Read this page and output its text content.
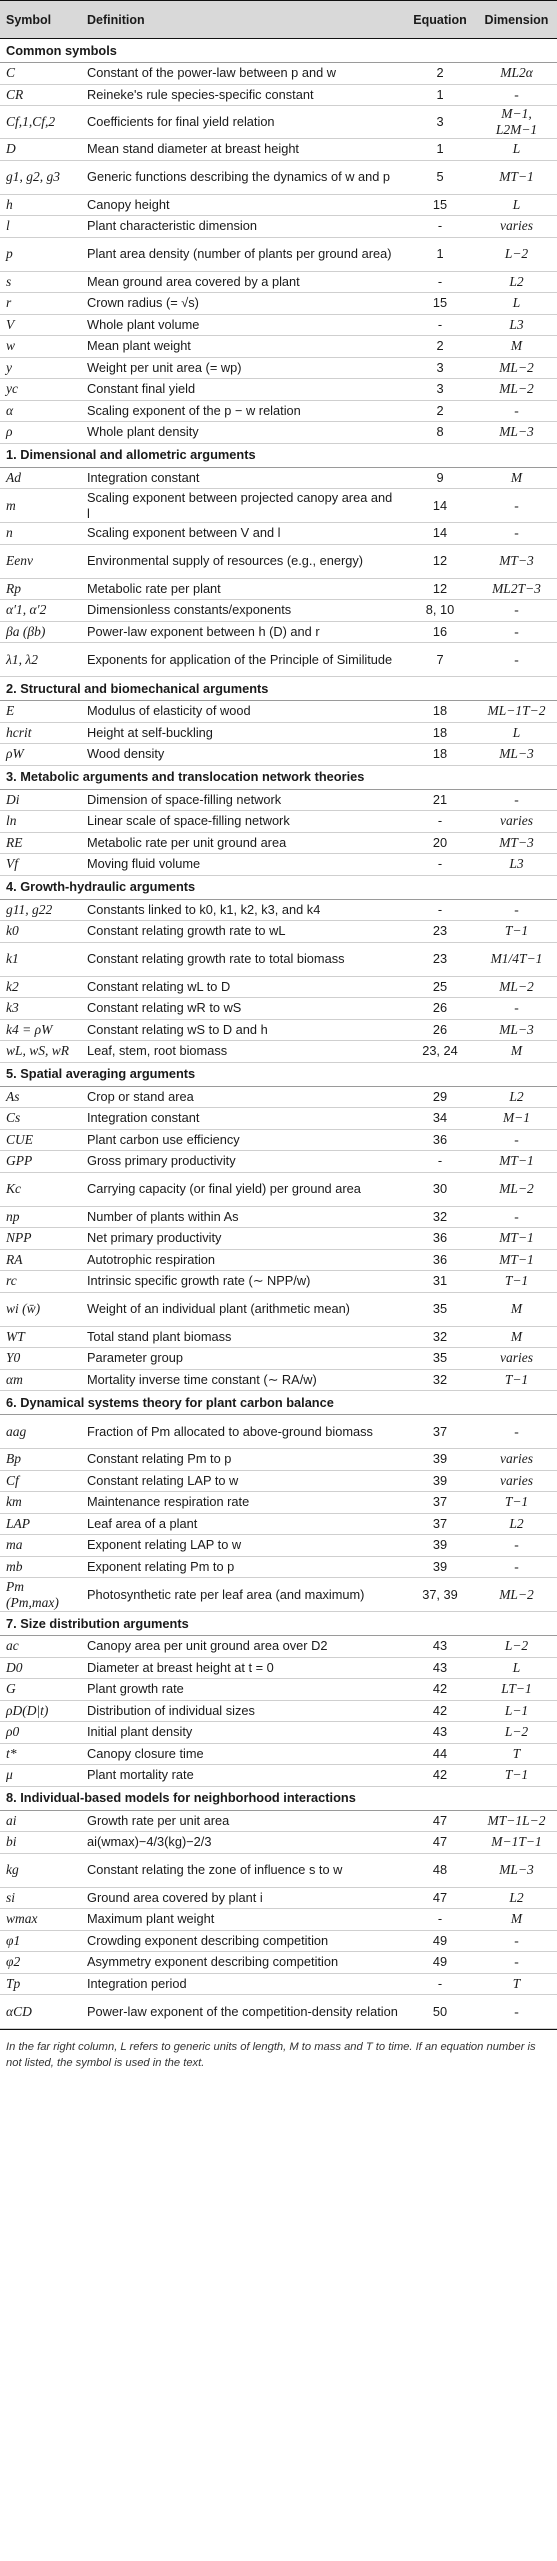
Symbol	Definition	Equation	Dimension
Common symbols			
C	Constant of the power-law between p and w	2	ML2α
CR	Reineke's rule species-specific constant	1	-
Cf,1,Cf,2	Coefficients for final yield relation	3	M−1, L2M−1
D	Mean stand diameter at breast height	1	L
g1, g2, g3	Generic functions describing the dynamics of w and p	5	MT−1
h	Canopy height	15	L
l	Plant characteristic dimension	-	varies
p	Plant area density (number of plants per ground area)	1	L−2
s	Mean ground area covered by a plant	-	L2
r	Crown radius (= √s)	15	L
V	Whole plant volume	-	L3
w	Mean plant weight	2	M
y	Weight per unit area (= wp)	3	ML−2
yc	Constant final yield	3	ML−2
α	Scaling exponent of the p − w relation	2	-
ρ	Whole plant density	8	ML−3
1. Dimensional and allometric arguments			
Ad	Integration constant	9	M
m	Scaling exponent between projected canopy area and l	14	-
n	Scaling exponent between V and l	14	-
Eenv	Environmental supply of resources (e.g., energy)	12	MT−3
Rp	Metabolic rate per plant	12	ML2T−3
α′1, α′2	Dimensionless constants/exponents	8, 10	-
βa (βb)	Power-law exponent between h (D) and r	16	-
λ1, λ2	Exponents for application of the Principle of Similitude	7	-
2. Structural and biomechanical arguments			
E	Modulus of elasticity of wood	18	ML−1T−2
hcrit	Height at self-buckling	18	L
ρW	Wood density	18	ML−3
3. Metabolic arguments and translocation network theories			
Di	Dimension of space-filling network	21	-
ln	Linear scale of space-filling network	-	varies
RE	Metabolic rate per unit ground area	20	MT−3
Vf	Moving fluid volume	-	L3
4. Growth-hydraulic arguments			
g11, g22	Constants linked to k0, k1, k2, k3, and k4	-	-
k0	Constant relating growth rate to wL	23	T−1
k1	Constant relating growth rate to total biomass	23	M1/4T−1
k2	Constant relating wL to D	25	ML−2
k3	Constant relating wR to wS	26	-
k4 = ρW	Constant relating wS to D and h	26	ML−3
wL, wS, wR	Leaf, stem, root biomass	23, 24	M
5. Spatial averaging arguments			
As	Crop or stand area	29	L2
Cs	Integration constant	34	M−1
CUE	Plant carbon use efficiency	36	-
GPP	Gross primary productivity	-	MT−1
Kc	Carrying capacity (or final yield) per ground area	30	ML−2
np	Number of plants within As	32	-
NPP	Net primary productivity	36	MT−1
RA	Autotrophic respiration	36	MT−1
rc	Intrinsic specific growth rate (∼ NPP/w)	31	T−1
wi (w̄)	Weight of an individual plant (arithmetic mean)	35	M
WT	Total stand plant biomass	32	M
Y0	Parameter group	35	varies
αm	Mortality inverse time constant (∼ RA/w)	32	T−1
6. Dynamical systems theory for plant carbon balance			
aag	Fraction of Pm allocated to above-ground biomass	37	-
Bp	Constant relating Pm to p	39	varies
Cf	Constant relating LAP to w	39	varies
km	Maintenance respiration rate	37	T−1
LAP	Leaf area of a plant	37	L2
ma	Exponent relating LAP to w	39	-
mb	Exponent relating Pm to p	39	-
Pm (Pm,max)	Photosynthetic rate per leaf area (and maximum)	37, 39	ML−2
7. Size distribution arguments			
ac	Canopy area per unit ground area over D2	43	L−2
D0	Diameter at breast height at t = 0	43	L
G	Plant growth rate	42	LT−1
ρD(D|t)	Distribution of individual sizes	42	L−1
ρ0	Initial plant density	43	L−2
t*	Canopy closure time	44	T
μ	Plant mortality rate	42	T−1
8. Individual-based models for neighborhood interactions			
ai	Growth rate per unit area	47	MT−1L−2
bi	ai(wmax)−4/3(kg)−2/3	47	M−1T−1
kg	Constant relating the zone of influence s to w	48	ML−3
si	Ground area covered by plant i	47	L2
wmax	Maximum plant weight	-	M
φ1	Crowding exponent describing competition	49	-
φ2	Asymmetry exponent describing competition	49	-
Tp	Integration period	-	T
αCD	Power-law exponent of the competition-density relation	50	-
In the far right column, L refers to generic units of length, M to mass and T to time. If an equation number is not listed, the symbol is used in the text.
